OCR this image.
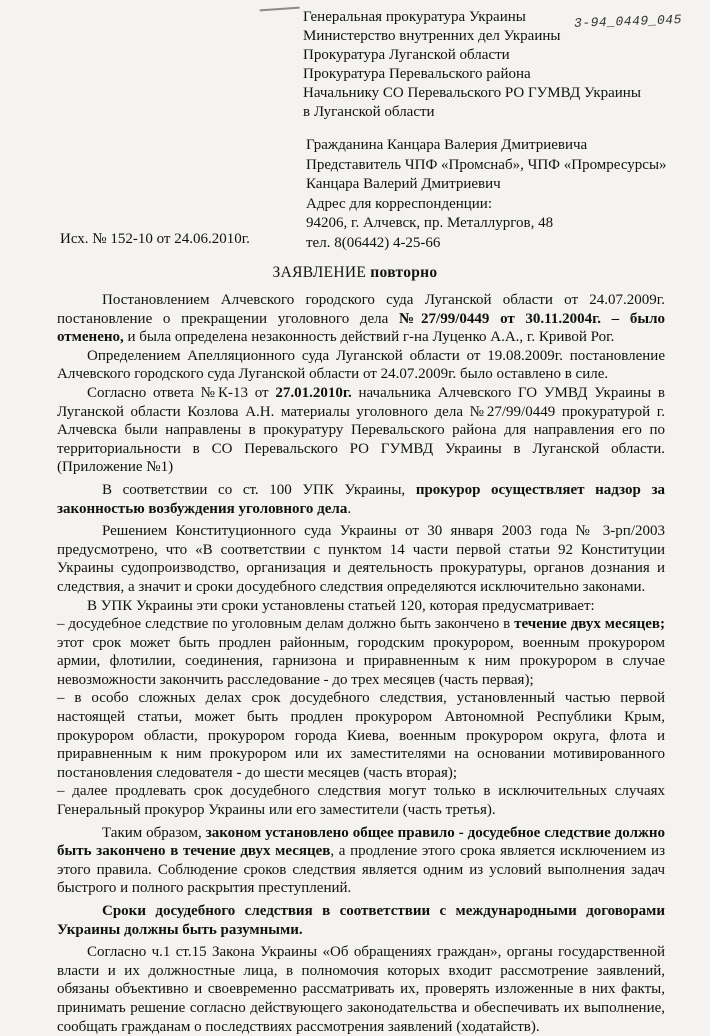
3-94_0449_045
Генеральная прокуратура Украины
Министерство внутренних дел Украины
Прокуратура Луганской области
Прокуратура Перевальского района
Начальнику СО Перевальского РО ГУМВД Украины
в Луганской области
Гражданина Канцара Валерия Дмитриевича
Представитель ЧПФ «Промснаб», ЧПФ «Промресурсы»
Канцара Валерий Дмитриевич
Адрес для корреспонденции:
94206, г. Алчевск, пр. Металлургов, 48
тел. 8(06442) 4-25-66
Исх. № 152-10 от 24.06.2010г.
ЗАЯВЛЕНИЕ повторно

Постановлением Алчевского городского суда Луганской области от 24.07.2009г. постановление о прекращении уголовного дела №27/99/0449 от 30.11.2004г. – было отменено, и была определена незаконность действий г-на Луценко А.А., г. Кривой Рог.

Определением Апелляционного суда Луганской области от 19.08.2009г. постановление Алчевского городского суда Луганской области от 24.07.2009г. было оставлено в силе.

Согласно ответа №К-13 от 27.01.2010г. начальника Алчевского ГО УМВД Украины в Луганской области Козлова А.Н. материалы уголовного дела №27/99/0449 прокуратурой г. Алчевска были направлены в прокуратуру Перевальского района для направления его по территориальности в СО Перевальского РО ГУМВД Украины в Луганской области. (Приложение №1)

В соответствии со ст. 100 УПК Украины, прокурор осуществляет надзор за законностью возбуждения уголовного дела.

Решением Конституционного суда Украины от 30 января 2003 года № 3-рп/2003 предусмотрено, что «В соответствии с пунктом 14 части первой статьи 92 Конституции Украины судопроизводство, организация и деятельность прокуратуры, органов дознания и следствия, а значит и сроки досудебного следствия определяются исключительно законами.

В УПК Украины эти сроки установлены статьей 120, которая предусматривает:

– досудебное следствие по уголовным делам должно быть закончено в течение двух месяцев; этот срок может быть продлен районным, городским прокурором, военным прокурором армии, флотилии, соединения, гарнизона и приравненным к ним прокурором в случае невозможности закончить расследование - до трех месяцев (часть первая);

– в особо сложных делах срок досудебного следствия, установленный частью первой настоящей статьи, может быть продлен прокурором Автономной Республики Крым, прокурором области, прокурором города Киева, военным прокурором округа, флота и приравненным к ним прокурором или их заместителями на основании мотивированного постановления следователя - до шести месяцев (часть вторая);

– далее продлевать срок досудебного следствия могут только в исключительных случаях Генеральный прокурор Украины или его заместители (часть третья).

Таким образом, законом установлено общее правило - досудебное следствие должно быть закончено в течение двух месяцев, а продление этого срока является исключением из этого правила. Соблюдение сроков следствия является одним из условий выполнения задач быстрого и полного раскрытия преступлений.

Сроки досудебного следствия в соответствии с международными договорами Украины должны быть разумными.

Согласно ч.1 ст.15 Закона Украины «Об обращениях граждан», органы государственной власти и их должностные лица, в полномочия которых входит рассмотрение заявлений, обязаны объективно и своевременно рассматривать их, проверять изложенные в них факты, принимать решение согласно действующего законодательства и обеспечивать их выполнение, сообщать гражданам о последствиях рассмотрения заявлений (ходатайств).
